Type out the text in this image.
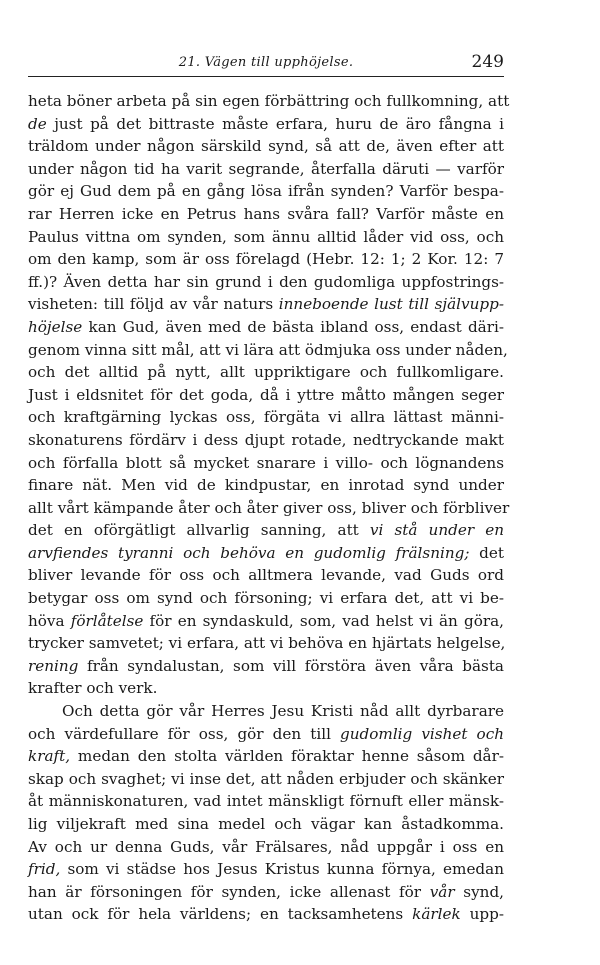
21. Vägen till upphöjelse.	249
heta böner arbeta på sin egen förbättring och fullkomning, att
de just på det bittraste måste erfara, huru de äro fångna i
träldom under någon särskild synd, så att de, även efter att
under någon tid ha varit segrande, återfalla däruti — varför
gör ej Gud dem på en gång lösa ifrån synden? Varför bespa-
rar Herren icke en Petrus hans svåra fall? Varför måste en
Paulus vittna om synden, som ännu alltid låder vid oss, och
om den kamp, som är oss förelagd (Hebr. 12: 1; 2 Kor. 12: 7
ff.)? Även detta har sin grund i den gudomliga uppfostrings-
visheten: till följd av vår naturs inneboende lust till självupp-
höjelse kan Gud, även med de bästa ibland oss, endast däri-
genom vinna sitt mål, att vi lära att ödmjuka oss under nåden,
och det alltid på nytt, allt uppriktigare och fullkomligare.
Just i eldsnitet för det goda, då i yttre måtto mången seger
och kraftgärning lyckas oss, förgäta vi allra lättast männi-
skonaturens fördärv i dess djupt rotade, nedtryckande makt
och förfalla blott så mycket snarare i villo- och lögnandens
finare nät. Men vid de kindpustar, en inrotad synd under
allt vårt kämpande åter och åter giver oss, bliver och förbliver
det en oförgätligt allvarlig sanning, att vi stå under en
arvfiendes tyranni och behöva en gudomlig frälsning; det
bliver levande för oss och alltmera levande, vad Guds ord
betygar oss om synd och försoning; vi erfara det, att vi be-
höva förlåtelse för en syndaskuld, som, vad helst vi än göra,
trycker samvetet; vi erfara, att vi behöva en hjärtats helgelse,
rening från syndalustan, som vill förstöra även våra bästa
krafter och verk.
Och detta gör vår Herres Jesu Kristi nåd allt dyrbarare
och värdefullare för oss, gör den till gudomlig vishet och
kraft, medan den stolta världen föraktar henne såsom dår-
skap och svaghet; vi inse det, att nåden erbjuder och skänker
åt människonaturen, vad intet mänskligt förnuft eller mänsk-
lig viljekraft med sina medel och vägar kan åstadkomma.
Av och ur denna Guds, vår Frälsares, nåd uppgår i oss en
frid, som vi städse hos Jesus Kristus kunna förnya, emedan
han är försoningen för synden, icke allenast för vår synd,
utan ock för hela världens; en tacksamhetens kärlek upp-
